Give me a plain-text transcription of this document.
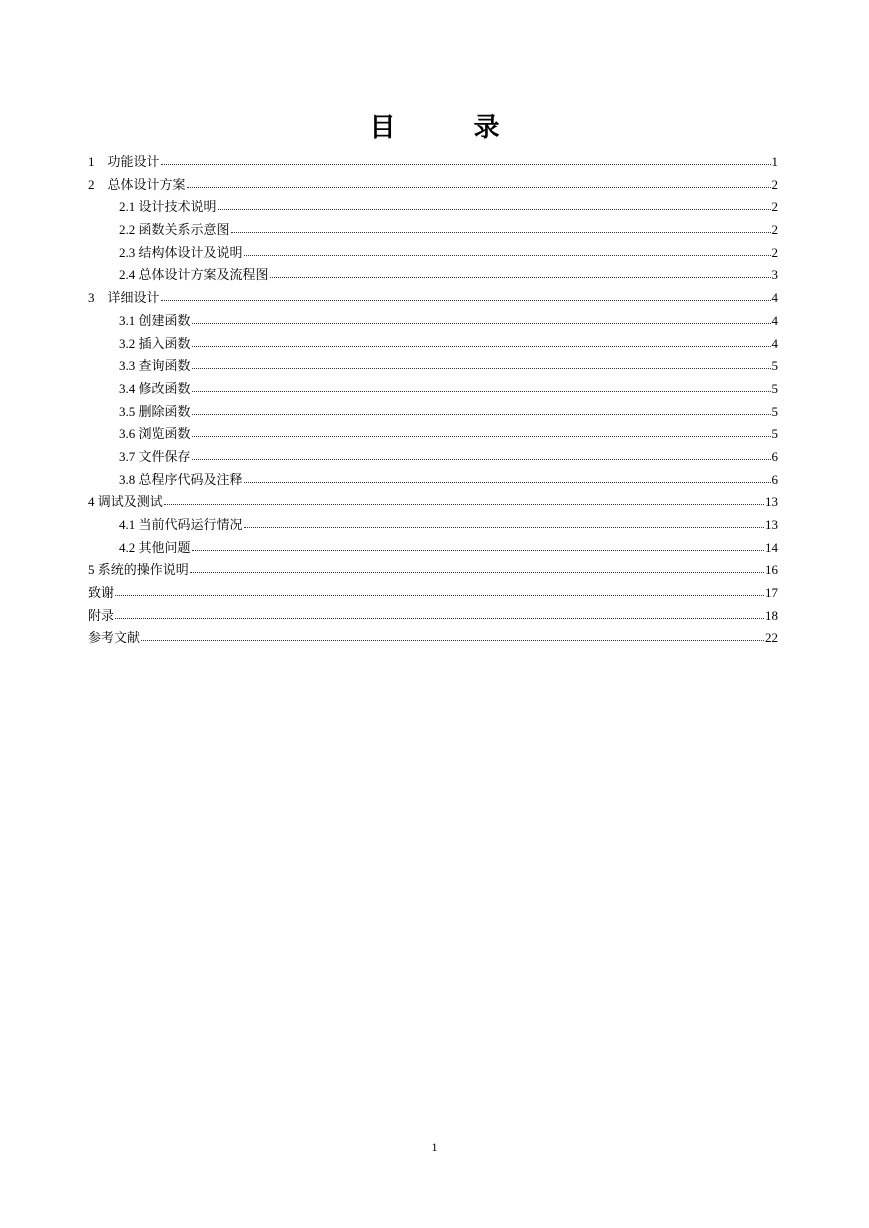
目　录
1　功能设计	1
2　总体设计方案	2
2.1 设计技术说明	2
2.2 函数关系示意图	2
2.3 结构体设计及说明	2
2.4 总体设计方案及流程图	3
3　详细设计	4
3.1 创建函数	4
3.2 插入函数	4
3.3 查询函数	5
3.4 修改函数	5
3.5 删除函数	5
3.6 浏览函数	5
3.7 文件保存	6
3.8 总程序代码及注释	6
4 调试及测试	13
4.1 当前代码运行情况	13
4.2 其他问题	14
5 系统的操作说明	16
致谢	17
附录	18
参考文献	22
1
